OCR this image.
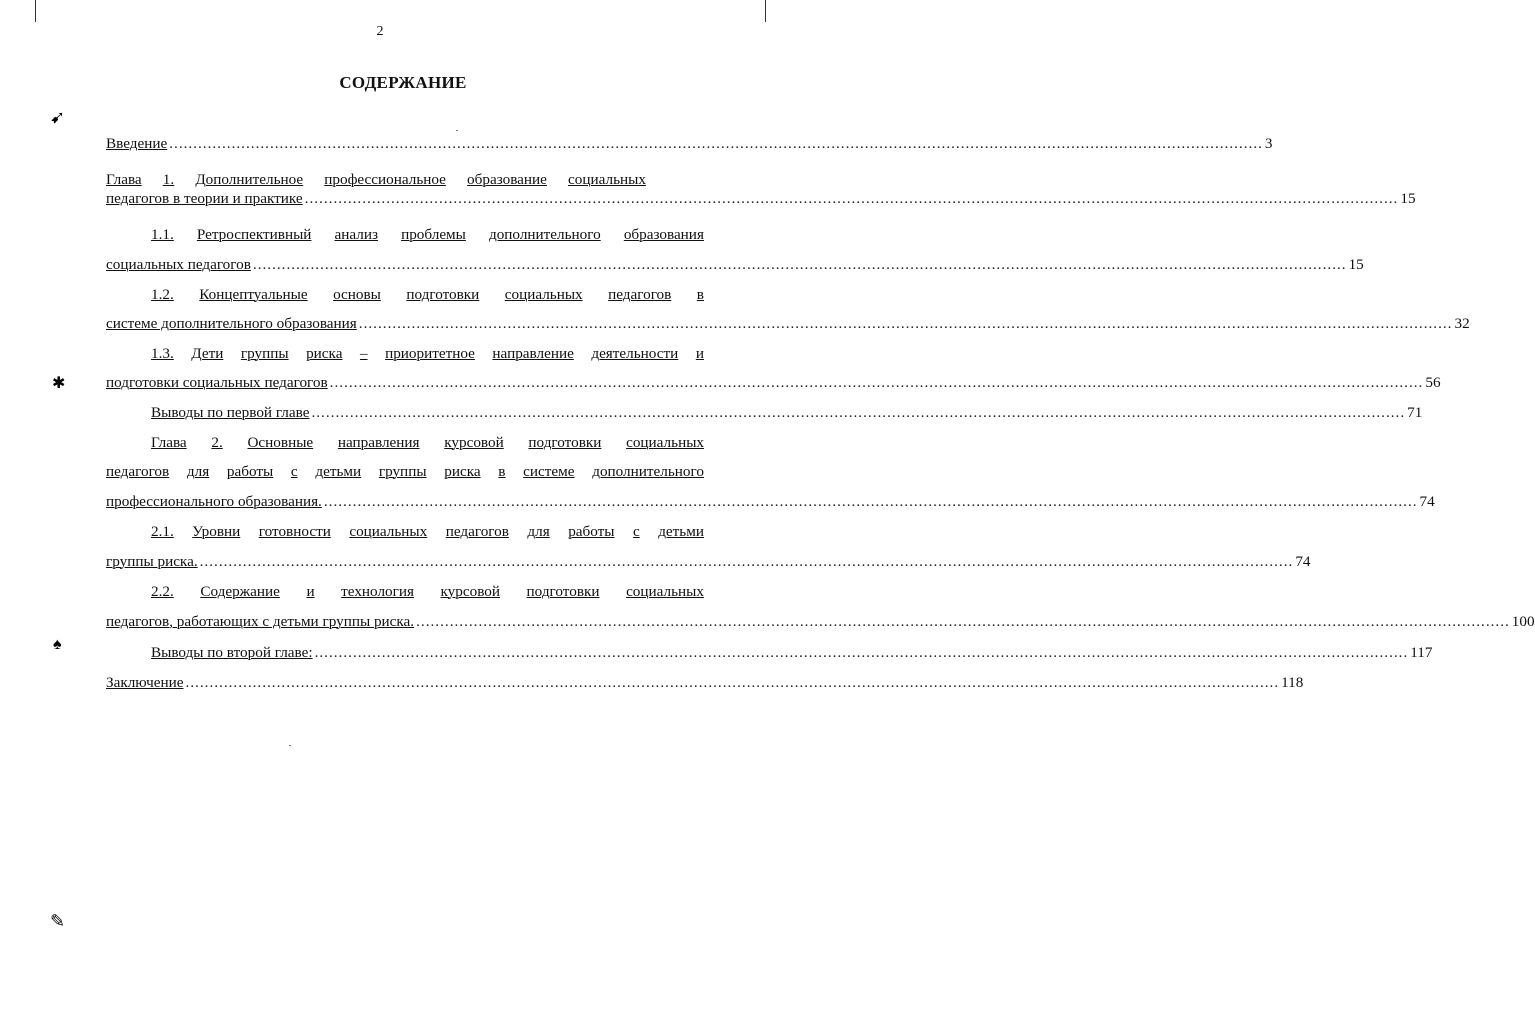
2
СОДЕРЖАНИЕ
➹
✱
♠
✎
Введение .................................................................................................................................................................................................................................... 3
Глава 1. Дополнительное профессиональное образование социальных
педагогов в теории и практике .................................................................................................................................................................................................................................... 15
1.1. Ретроспективный анализ проблемы дополнительного образования
социальных педагогов .................................................................................................................................................................................................................................... 15
1.2. Концептуальные основы подготовки социальных педагогов в
системе дополнительного образования .................................................................................................................................................................................................................................... 32
1.3. Дети группы риска – приоритетное направление деятельности и
подготовки социальных педагогов .................................................................................................................................................................................................................................... 56
Выводы по первой главе .................................................................................................................................................................................................................................... 71
Глава 2. Основные направления курсовой подготовки социальных
педагогов для работы с детьми группы риска в системе дополнительного
профессионального образования. .................................................................................................................................................................................................................................... 74
2.1. Уровни готовности социальных педагогов для работы с детьми
группы риска. .................................................................................................................................................................................................................................... 74
2.2. Содержание и технология курсовой подготовки социальных
педагогов, работающих с детьми группы риска. .................................................................................................................................................................................................................................... 100
Выводы по второй главе: .................................................................................................................................................................................................................................... 117
Заключение .................................................................................................................................................................................................................................... 118
